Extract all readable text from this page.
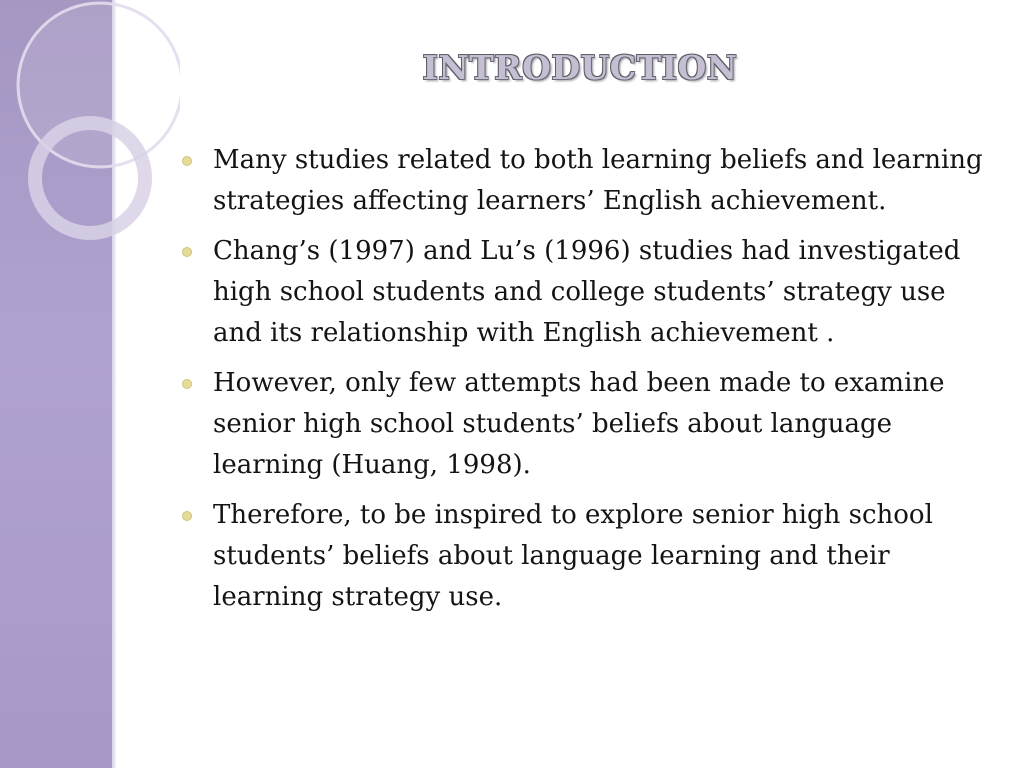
INTRODUCTION
Many studies related to both learning beliefs and learning strategies affecting learners’ English achievement.
Chang’s (1997) and Lu’s (1996) studies had investigated high school students and college students’ strategy use and its relationship with English achievement .
However, only few attempts had been made to examine senior high school students’ beliefs about language learning (Huang, 1998).
Therefore, to be inspired to explore senior high school students’ beliefs about language learning and their learning strategy use.
